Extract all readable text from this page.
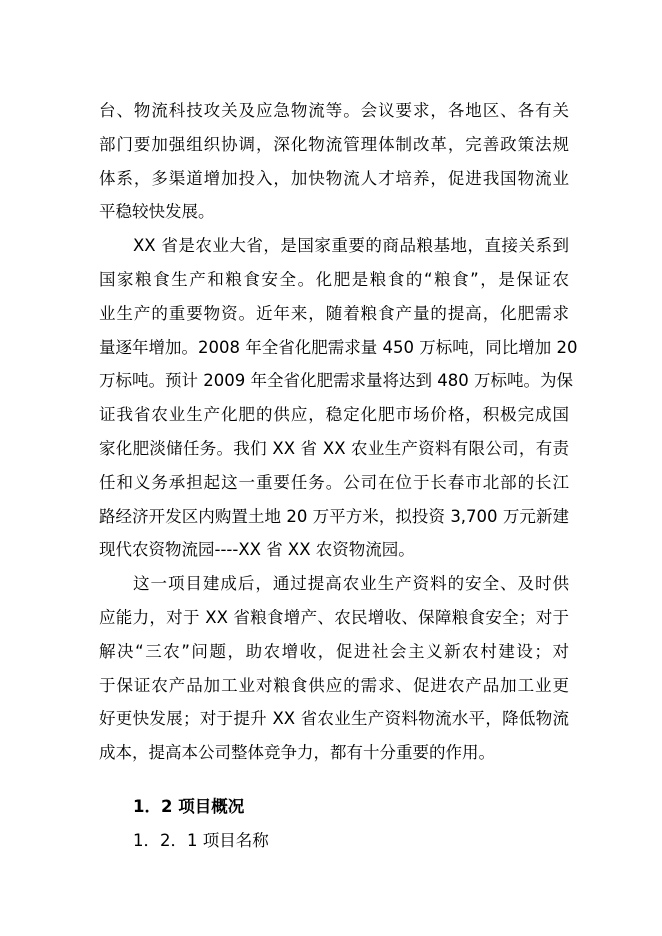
台、物流科技攻关及应急物流等。会议要求，各地区、各有关
部门要加强组织协调，深化物流管理体制改革，完善政策法规
体系，多渠道增加投入，加快物流人才培养，促进我国物流业
平稳较快发展。
XX 省是农业大省，是国家重要的商品粮基地，直接关系到
国家粮食生产和粮食安全。化肥是粮食的“粮食”，是保证农
业生产的重要物资。近年来，随着粮食产量的提高，化肥需求
量逐年增加。2008 年全省化肥需求量 450 万标吨，同比增加 20
万标吨。预计 2009 年全省化肥需求量将达到 480 万标吨。为保
证我省农业生产化肥的供应，稳定化肥市场价格，积极完成国
家化肥淡储任务。我们 XX 省 XX 农业生产资料有限公司，有责
任和义务承担起这一重要任务。公司在位于长春市北部的长江
路经济开发区内购置土地 20 万平方米，拟投资 3,700 万元新建
现代农资物流园----XX 省 XX 农资物流园。
这一项目建成后，通过提高农业生产资料的安全、及时供
应能力，对于 XX 省粮食增产、农民增收、保障粮食安全；对于
解决“三农”问题，助农增收，促进社会主义新农村建设；对
于保证农产品加工业对粮食供应的需求、促进农产品加工业更
好更快发展；对于提升 XX 省农业生产资料物流水平，降低物流
成本，提高本公司整体竞争力，都有十分重要的作用。
1．2 项目概况
1．2．1 项目名称
